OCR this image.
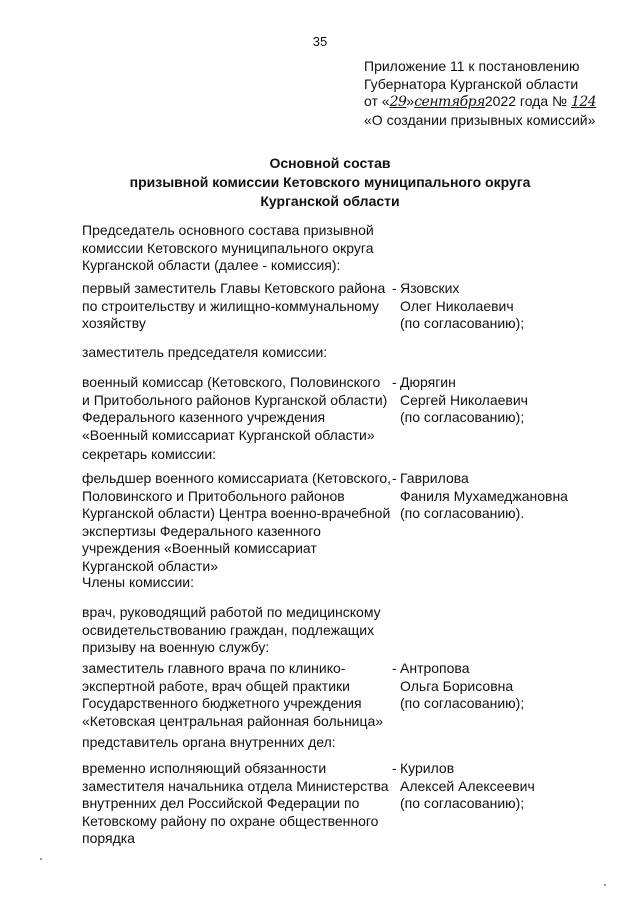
35
Приложение 11 к постановлению
Губернатора Курганской области
от «29»сентября2022 года № 124
«О создании призывных комиссий»
Основной состав
призывной комиссии Кетовского муниципального округа
Курганской области
Председатель основного состава призывной
комиссии Кетовского муниципального округа
Курганской области (далее - комиссия):
первый заместитель Главы Кетовского района
по строительству и жилищно-коммунальному
хозяйству
- Язовских
Олег Николаевич
(по согласованию);
заместитель председателя комиссии:
военный комиссар (Кетовского, Половинского
и Притобольного районов Курганской области)
Федерального казенного учреждения
«Военный комиссариат Курганской области»
- Дюрягин
Сергей Николаевич
(по согласованию);
секретарь комиссии:
фельдшер военного комиссариата (Кетовского,
Половинского и Притобольного районов
Курганской области) Центра военно-врачебной
экспертизы Федерального казенного
учреждения «Военный комиссариат
Курганской области»
- Гаврилова
Фаниля Мухамеджановна
(по согласованию).
Члены комиссии:
врач, руководящий работой по медицинскому
освидетельствованию граждан, подлежащих
призыву на военную службу:
заместитель главного врача по клинико-
экспертной работе, врач общей практики
Государственного бюджетного учреждения
«Кетовская центральная районная больница»
- Антропова
Ольга Борисовна
(по согласованию);
представитель органа внутренних дел:
временно исполняющий обязанности
заместителя начальника отдела Министерства
внутренних дел Российской Федерации по
Кетовскому району по охране общественного
порядка
- Курилов
Алексей Алексеевич
(по согласованию);
